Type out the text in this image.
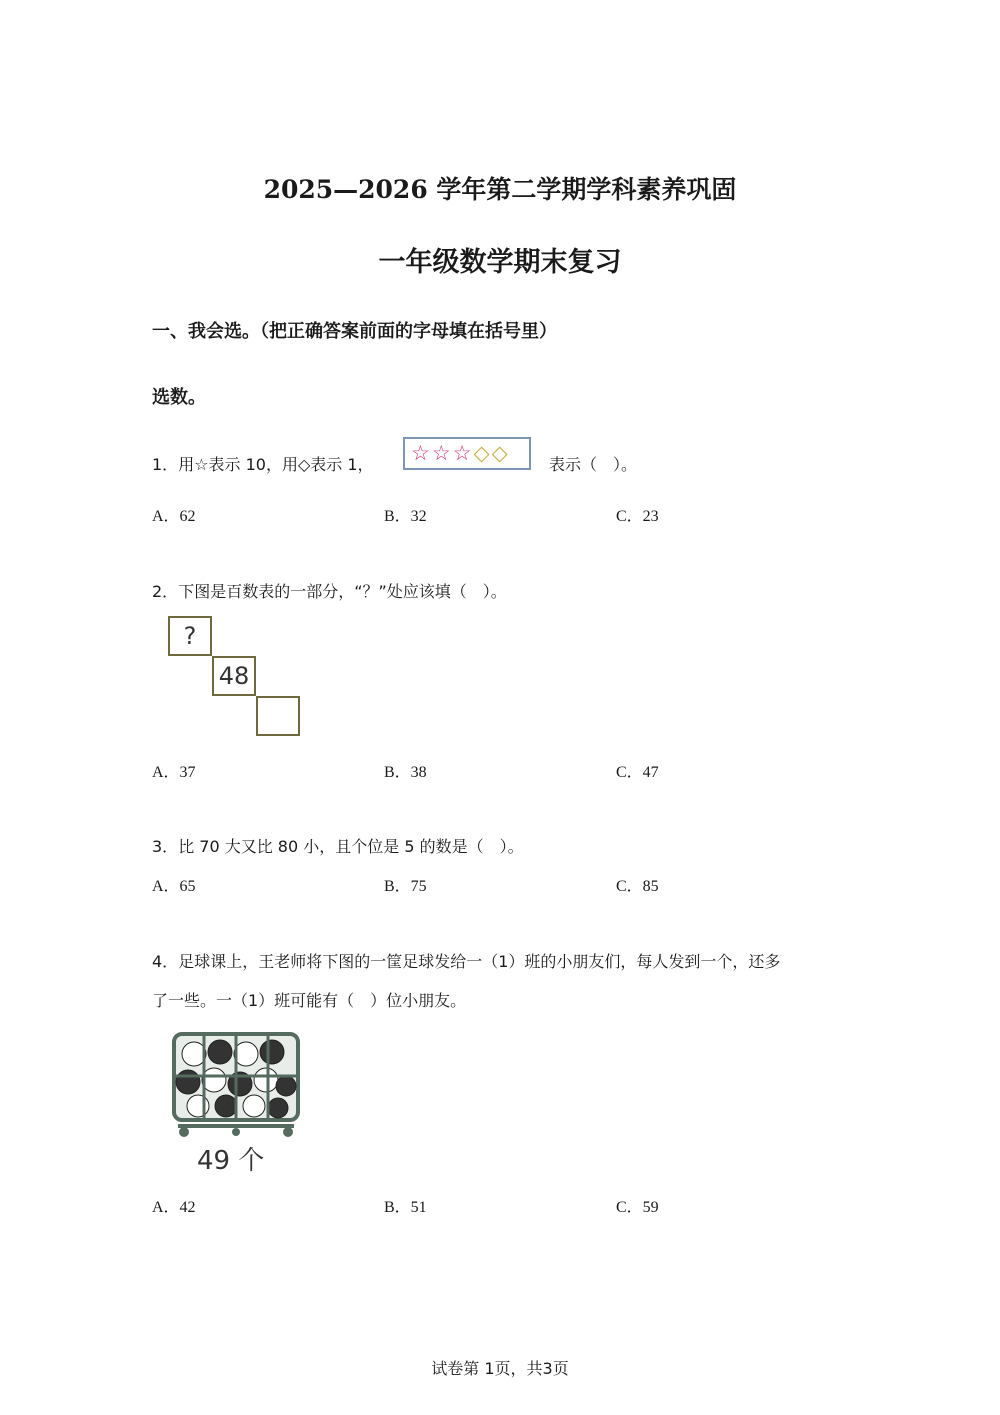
2025—2026 学年第二学期学科素养巩固
一年级数学期末复习
一、我会选。（把正确答案前面的字母填在括号里）
选数。
1．用☆表示 10，用◇表示 1， ☆ ☆ ☆ ◇ ◇	表示（　）。
A．62	B．32	C．23
2．下图是百数表的一部分，“？”处应该填（　）。
?
48
A．37	B．38	C．47
3．比 70 大又比 80 小，且个位是 5 的数是（　）。
A．65	B．75	C．85
4．足球课上，王老师将下图的一筐足球发给一（1）班的小朋友们，每人发到一个，还多
了一些。一（1）班可能有（　）位小朋友。
49 个
A．42	B．51	C．59
试卷第 1页，共3页
